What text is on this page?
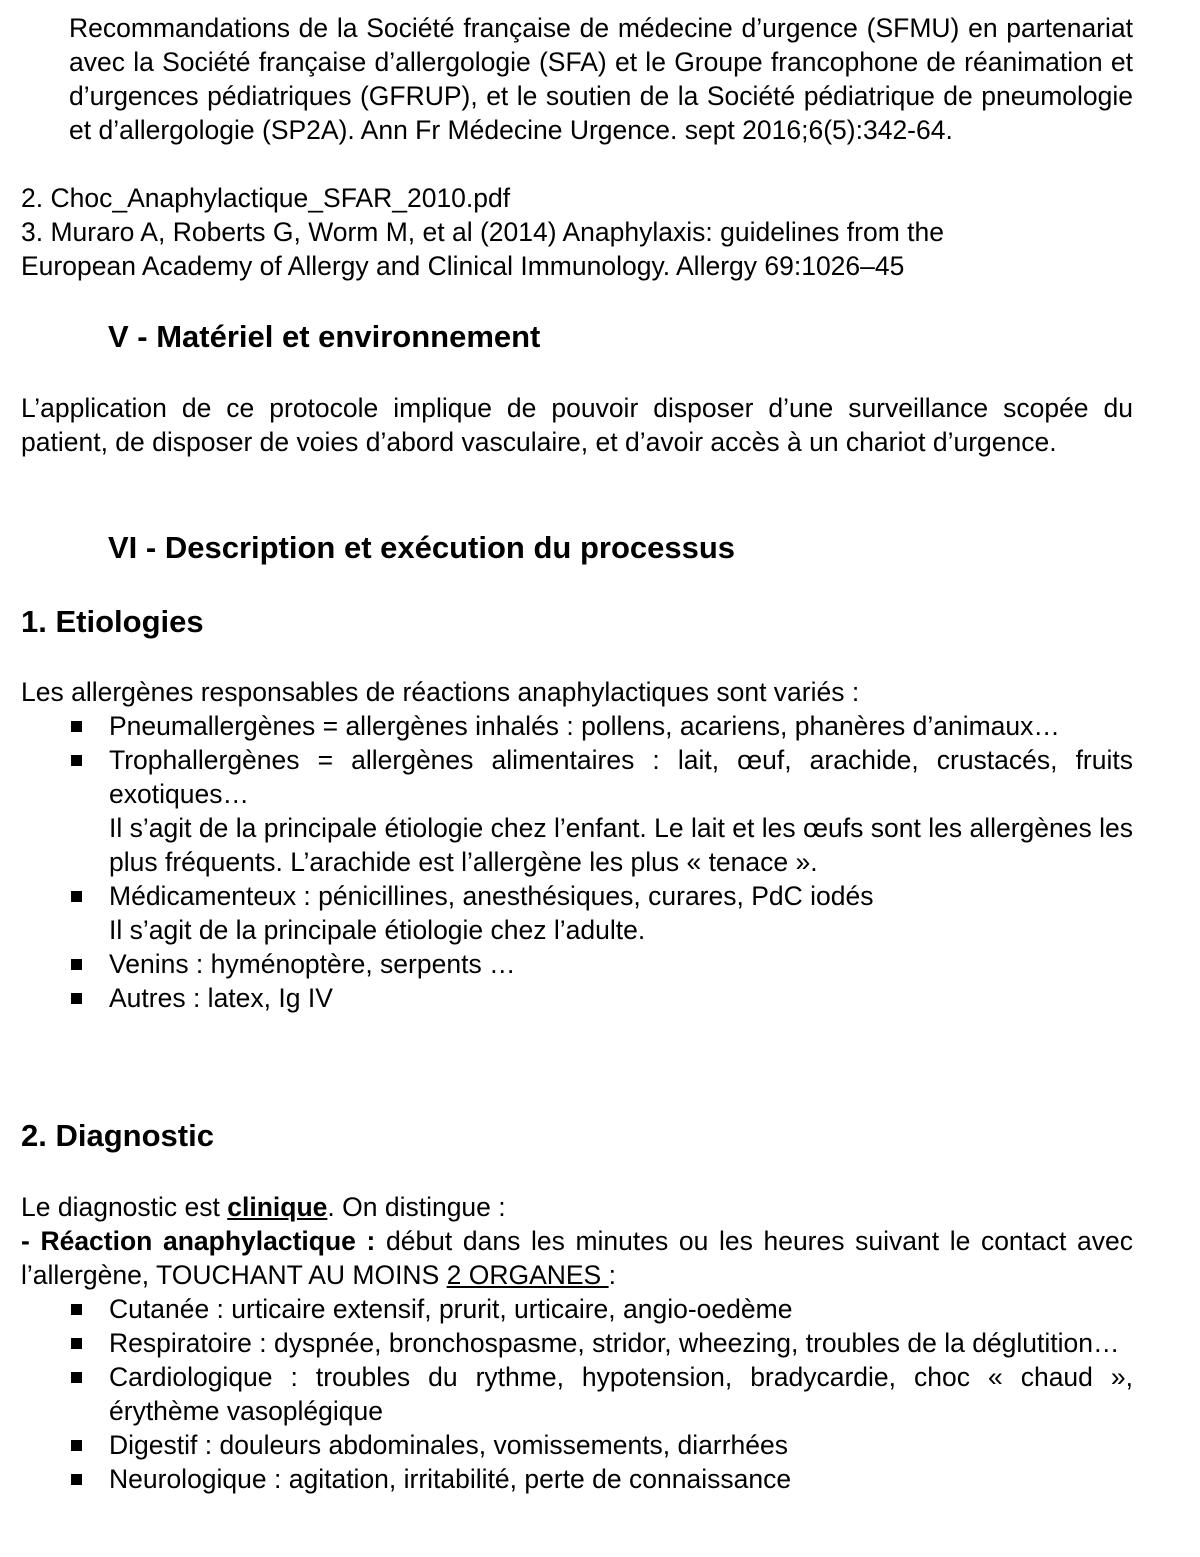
Recommandations de la Société française de médecine d’urgence (SFMU) en partenariat avec la Société française d’allergologie (SFA) et le Groupe francophone de réanimation et d’urgences pédiatriques (GFRUP), et le soutien de la Société pédiatrique de pneumologie et d’allergologie (SP2A). Ann Fr Médecine Urgence. sept 2016;6(5):342-64.
2. Choc_Anaphylactique_SFAR_2010.pdf
3. Muraro A, Roberts G, Worm M, et al (2014) Anaphylaxis: guidelines from the
European Academy of Allergy and Clinical Immunology. Allergy 69:1026–45
V - Matériel et environnement
L’application de ce protocole implique de pouvoir disposer d’une surveillance scopée du patient, de disposer de voies d’abord vasculaire, et d’avoir accès à un chariot d’urgence.
VI - Description et exécution du processus
1. Etiologies
Les allergènes responsables de réactions anaphylactiques sont variés :
Pneumallergènes = allergènes inhalés : pollens, acariens, phanères d’animaux…
Trophallergènes = allergènes alimentaires : lait, œuf, arachide, crustacés, fruits exotiques…
Il s’agit de la principale étiologie chez l’enfant. Le lait et les œufs sont les allergènes les plus fréquents. L’arachide est l’allergène les plus « tenace ».
Médicamenteux : pénicillines, anesthésiques, curares, PdC iodés
Il s’agit de la principale étiologie chez l’adulte.
Venins : hyménoptère, serpents …
Autres : latex, Ig IV
2. Diagnostic
Le diagnostic est clinique. On distingue :
- Réaction anaphylactique : début dans les minutes ou les heures suivant le contact avec l’allergène, TOUCHANT AU MOINS 2 ORGANES :
Cutanée : urticaire extensif, prurit, urticaire, angio-oedème
Respiratoire : dyspnée, bronchospasme, stridor, wheezing, troubles de la déglutition…
Cardiologique : troubles du rythme, hypotension, bradycardie, choc « chaud », érythème vasoplégique
Digestif : douleurs abdominales, vomissements, diarrhées
Neurologique : agitation, irritabilité, perte de connaissance
